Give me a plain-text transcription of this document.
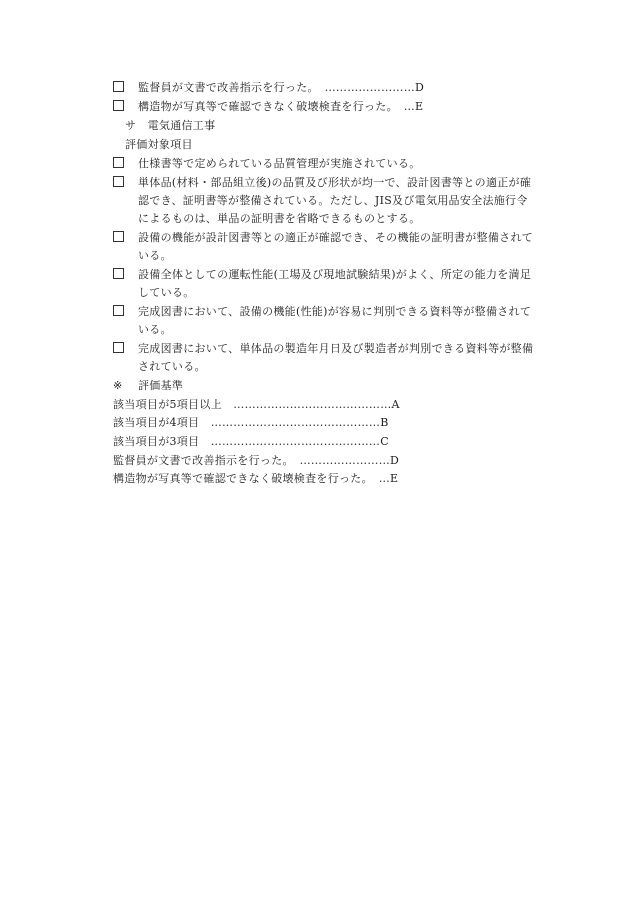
監督員が文書で改善指示を行った。　……………………D
構造物が写真等で確認できなく破壊検査を行った。　…E
サ　電気通信工事
評価対象項目
仕様書等で定められている品質管理が実施されている。
単体品(材料・部品組立後)の品質及び形状が均一で、設計図書等との適正が確
認でき、証明書等が整備されている。ただし、JIS及び電気用品安全法施行令
によるものは、単品の証明書を省略できるものとする。
設備の機能が設計図書等との適正が確認でき、その機能の証明書が整備されて
いる。
設備全体としての運転性能(工場及び現地試験結果)がよく、所定の能力を満足
している。
完成図書において、設備の機能(性能)が容易に判別できる資料等が整備されて
いる。
完成図書において、単体品の製造年月日及び製造者が判別できる資料等が整備
されている。
※ 評価基準
該当項目が5項目以上　……………………………………A
該当項目が4項目　………………………………………B
該当項目が3項目　………………………………………C
監督員が文書で改善指示を行った。　……………………D
構造物が写真等で確認できなく破壊検査を行った。　…E
